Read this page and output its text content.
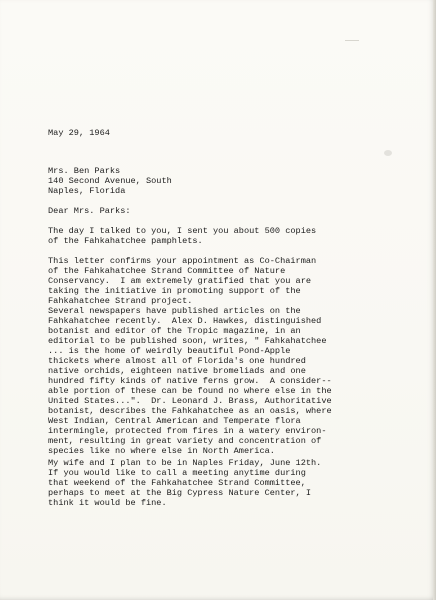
May 29, 1964
Mrs. Ben Parks
140 Second Avenue, South
Naples, Florida
Dear Mrs. Parks:
The day I talked to you, I sent you about 500 copies
of the Fahkahatchee pamphlets.
This letter confirms your appointment as Co-Chairman
of the Fahkahatchee Strand Committee of Nature
Conservancy.  I am extremely gratified that you are
taking the initiative in promoting support of the
Fahkahatchee Strand project.
Several newspapers have published articles on the
Fahkahatchee recently.  Alex D. Hawkes, distinguished
botanist and editor of the Tropic magazine, in an
editorial to be published soon, writes, " Fahkahatchee
... is the home of weirdly beautiful Pond-Apple
thickets where almost all of Florida's one hundred
native orchids, eighteen native bromeliads and one
hundred fifty kinds of native ferns grow.  A consider--
able portion of these can be found no where else in the
United States...".  Dr. Leonard J. Brass, Authoritative
botanist, describes the Fahkahatchee as an oasis, where
West Indian, Central American and Temperate flora
intermingle, protected from fires in a watery environ-
ment, resulting in great variety and concentration of
species like no where else in North America.
My wife and I plan to be in Naples Friday, June 12th.
If you would like to call a meeting anytime during
that weekend of the Fahkahatchee Strand Committee,
perhaps to meet at the Big Cypress Nature Center, I
think it would be fine.
